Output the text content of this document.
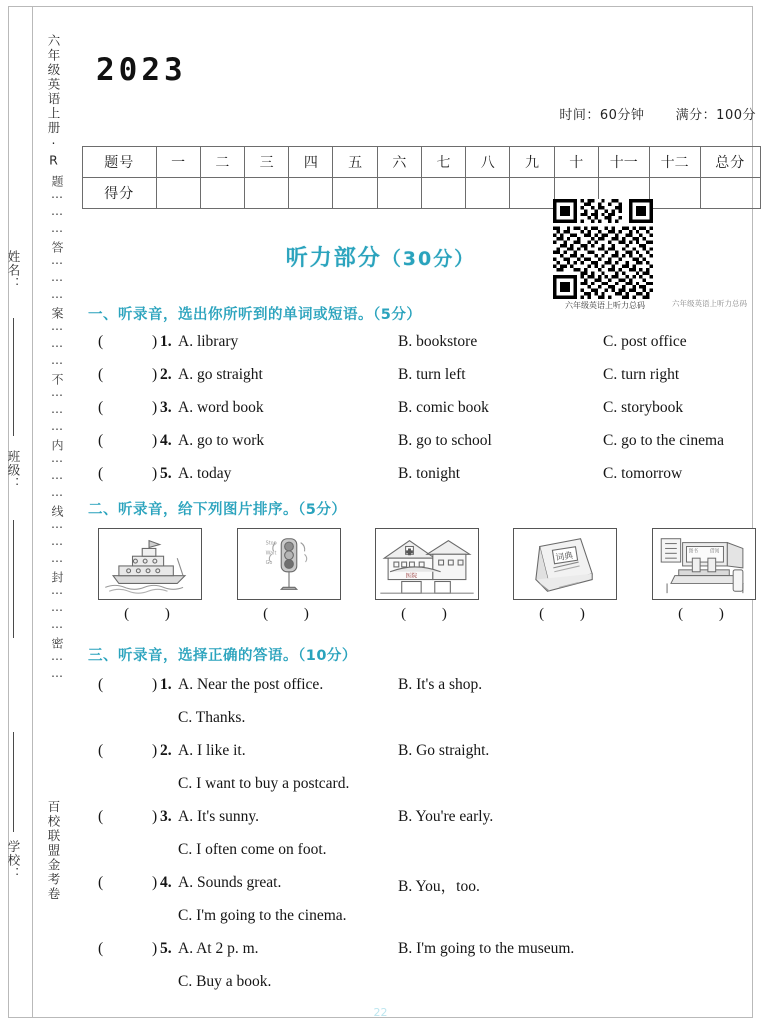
姓名：
班级：
学校：
六年级英语上册·R
题⋯⋯⋯答⋯⋯⋯案⋯⋯⋯不⋯⋯⋯内⋯⋯⋯线⋯⋯⋯封⋯⋯⋯密⋯⋯
百校联盟金考卷
2023
时间：60分钟 满分：100分
题号	一	二	三	四	五	六	七	八	九	十	十一	十二	总分
得分													
六年级英语上听力总码	六年级英语上听力总码
听力部分（30分）
一、听录音，选出你所听到的单词或短语。（5分）
(	) 1. A. library	B. bookstore	C. post office
(	) 2. A. go straight	B. turn left	C. turn right
(	) 3. A. word book	B. comic book	C. storybook
(	) 4. A. go to work	B. go to school	C. go to the cinema
(	) 5. A. today	B. tonight	C. tomorrow
二、听录音，给下列图片排序。（5分）
( )
Stop
Wait
Go
( )
医院
( )
词典
( )
图书 借阅
( )
三、听录音，选择正确的答语。（10分）
(	) 1. A. Near the post office.	B. It's a shop.
C. Thanks.
(	) 2. A. I like it.	B. Go straight.
C. I want to buy a postcard.
(	) 3. A. It's sunny.	B. You're early.
C. I often come on foot.
(	) 4. A. Sounds great.	B. You，too.
C. I'm going to the cinema.
(	) 5. A. At 2 p. m.	B. I'm going to the museum.
C. Buy a book.
22
